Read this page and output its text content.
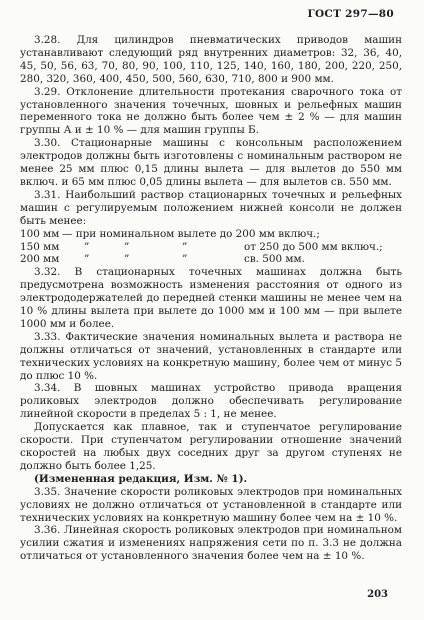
ГОСТ 297—80

3.28. Для цилиндров пневматических приводов машин устанавливают следующий ряд внутренних диаметров: 32, 36, 40, 45, 50, 56, 63, 70, 80, 90, 100, 110, 125, 140, 160, 180, 200, 220, 250, 280, 320, 360, 400, 450, 500, 560, 630, 710, 800 и 900 мм.

3.29. Отклонение длительности протекания сварочного тока от установленного значения точечных, шовных и рельефных машин переменного тока не должно быть более чем ± 2 % — для машин группы А и ± 10 % — для машин группы Б.

3.30. Стационарные машины с консольным расположением электродов должны быть изготовлены с номинальным раствором не менее 25 мм плюс 0,15 длины вылета — для вылетов до 550 мм включ. и 65 мм плюс 0,05 длины вылета — для вылетов св. 550 мм.

3.31. Наибольший раствор стационарных точечных и рельефных машин с регулируемым положением нижней консоли не должен быть менее:

100 мм — при номинальном вылете до 200 мм включ.;
150 мм ”	”	”	от 250 до 500 мм включ.;
200 мм ”	”	”	св. 500 мм.

3.32. В стационарных точечных машинах должна быть предусмотрена возможность изменения расстояния от одного из электрододержателей до передней стенки машины не менее чем на 10 % длины вылета при вылете до 1000 мм и 100 мм — при вылете 1000 мм и более.

3.33. Фактические значения номинальных вылета и раствора не должны отличаться от значений, установленных в стандарте или технических условиях на конкретную машину, более чем от минус 5 до плюс 10 %.

3.34. В шовных машинах устройство привода вращения роликовых электродов должно обеспечивать регулирование линейной скорости в пределах 5 : 1, не менее.

Допускается как плавное, так и ступенчатое регулирование скорости. При ступенчатом регулировании отношение значений скоростей на любых двух соседних друг за другом ступенях не должно быть более 1,25.

(Измененная редакция, Изм. № 1).

3.35. Значение скорости роликовых электродов при номинальных условиях не должно отличаться от установленной в стандарте или технических условиях на конкретную машину более чем на ± 10 %.

3.36. Линейная скорость роликовых электродов при номинальном усилии сжатия и изменениях напряжения сети по п. 3.3 не должна отличаться от установленного значения более чем на ± 10 %.

203
